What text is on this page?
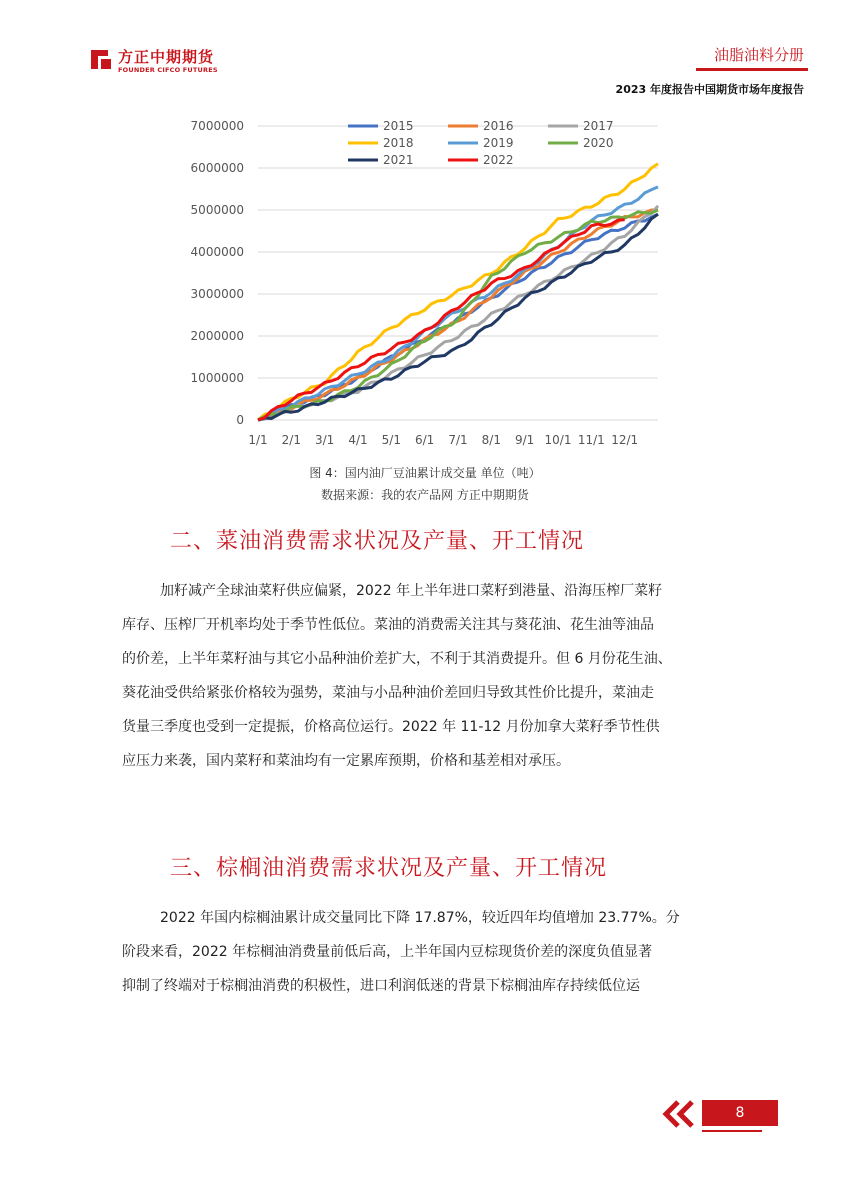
方正中期期货
FOUNDER CIFCO FUTURES
油脂油料分册
2023 年度报告中国期货市场年度报告
7000000
6000000
5000000
4000000
3000000
2000000
1000000
0
1/1 2/1 3/1 4/1 5/1 6/1 7/1 8/1 9/1 10/1 11/1 12/1
2015	2016	2017
2018	2019	2020
2021	2022
图 4：国内油厂豆油累计成交量 单位（吨）
数据来源：我的农产品网 方正中期期货
二、菜油消费需求状况及产量、开工情况
加籽减产全球油菜籽供应偏紧，2022 年上半年进口菜籽到港量、沿海压榨厂菜籽
库存、压榨厂开机率均处于季节性低位。菜油的消费需关注其与葵花油、花生油等油品
的价差，上半年菜籽油与其它小品种油价差扩大，不利于其消费提升。但 6 月份花生油、
葵花油受供给紧张价格较为强势，菜油与小品种油价差回归导致其性价比提升，菜油走
货量三季度也受到一定提振，价格高位运行。2022 年 11-12 月份加拿大菜籽季节性供
应压力来袭，国内菜籽和菜油均有一定累库预期，价格和基差相对承压。
三、棕榈油消费需求状况及产量、开工情况
2022 年国内棕榈油累计成交量同比下降 17.87%，较近四年均值增加 23.77%。分
阶段来看，2022 年棕榈油消费量前低后高，上半年国内豆棕现货价差的深度负值显著
抑制了终端对于棕榈油消费的积极性，进口利润低迷的背景下棕榈油库存持续低位运
8
